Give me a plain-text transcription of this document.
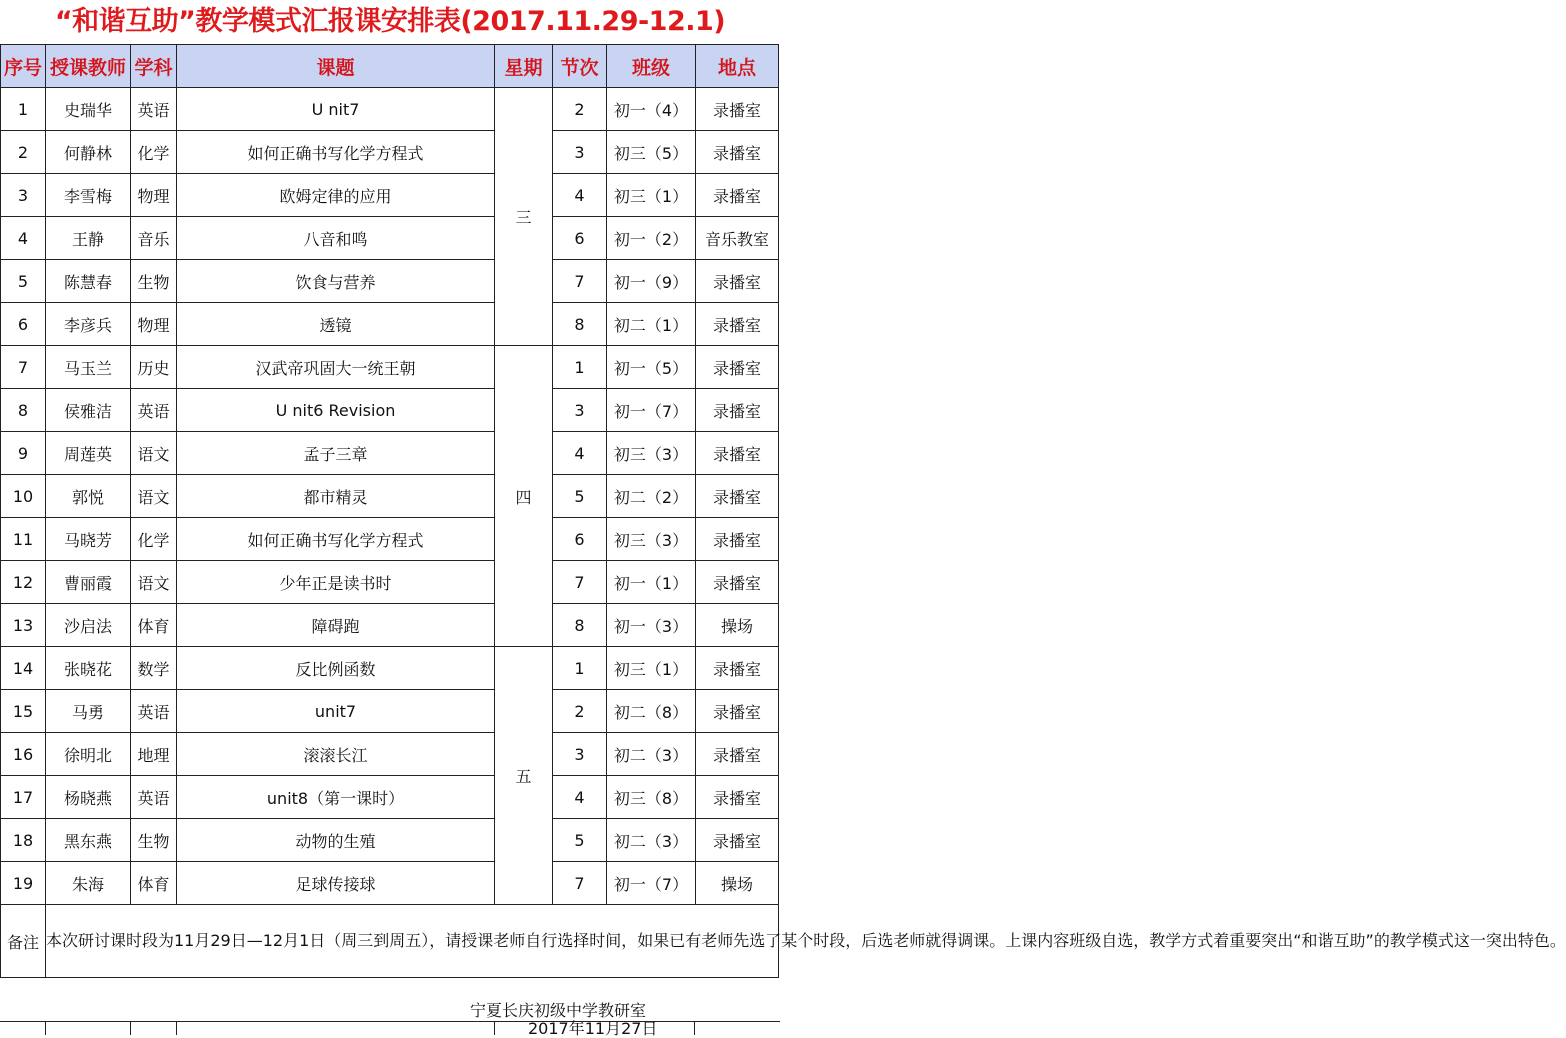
“和谐互助”教学模式汇报课安排表(2017.11.29-12.1)
序号	授课教师	学科	课题	星期	节次	班级	地点
1	史瑞华	英语	U nit7	三	2	初一（4）	录播室
2	何静林	化学	如何正确书写化学方程式		3	初三（5）	录播室
3	李雪梅	物理	欧姆定律的应用		4	初三（1）	录播室
4	王静	音乐	八音和鸣		6	初一（2）	音乐教室
5	陈慧春	生物	饮食与营养		7	初一（9）	录播室
6	李彦兵	物理	透镜		8	初二（1）	录播室
7	马玉兰	历史	汉武帝巩固大一统王朝	四	1	初一（5）	录播室
8	侯雅洁	英语	U nit6 Revision		3	初一（7）	录播室
9	周莲英	语文	孟子三章		4	初三（3）	录播室
10	郭悦	语文	都市精灵		5	初二（2）	录播室
11	马晓芳	化学	如何正确书写化学方程式		6	初三（3）	录播室
12	曹丽霞	语文	少年正是读书时		7	初一（1）	录播室
13	沙启法	体育	障碍跑		8	初一（3）	操场
14	张晓花	数学	反比例函数	五	1	初三（1）	录播室
15	马勇	英语	unit7		2	初二（8）	录播室
16	徐明北	地理	滚滚长江		3	初二（3）	录播室
17	杨晓燕	英语	unit8（第一课时）		4	初三（8）	录播室
18	黑东燕	生物	动物的生殖		5	初二（3）	录播室
19	朱海	体育	足球传接球		7	初一（7）	操场
备注	本次研讨课时段为11月29日—12月1日（周三到周五），请授课老师自行选择时间，如果已有老师先选了某个时段，后选老师就得调课。上课内容班级自选，教学方式着重要突出“和谐互助”的教学模式这一突出特色。						
宁夏长庆初级中学教研室
2017年11月27日
